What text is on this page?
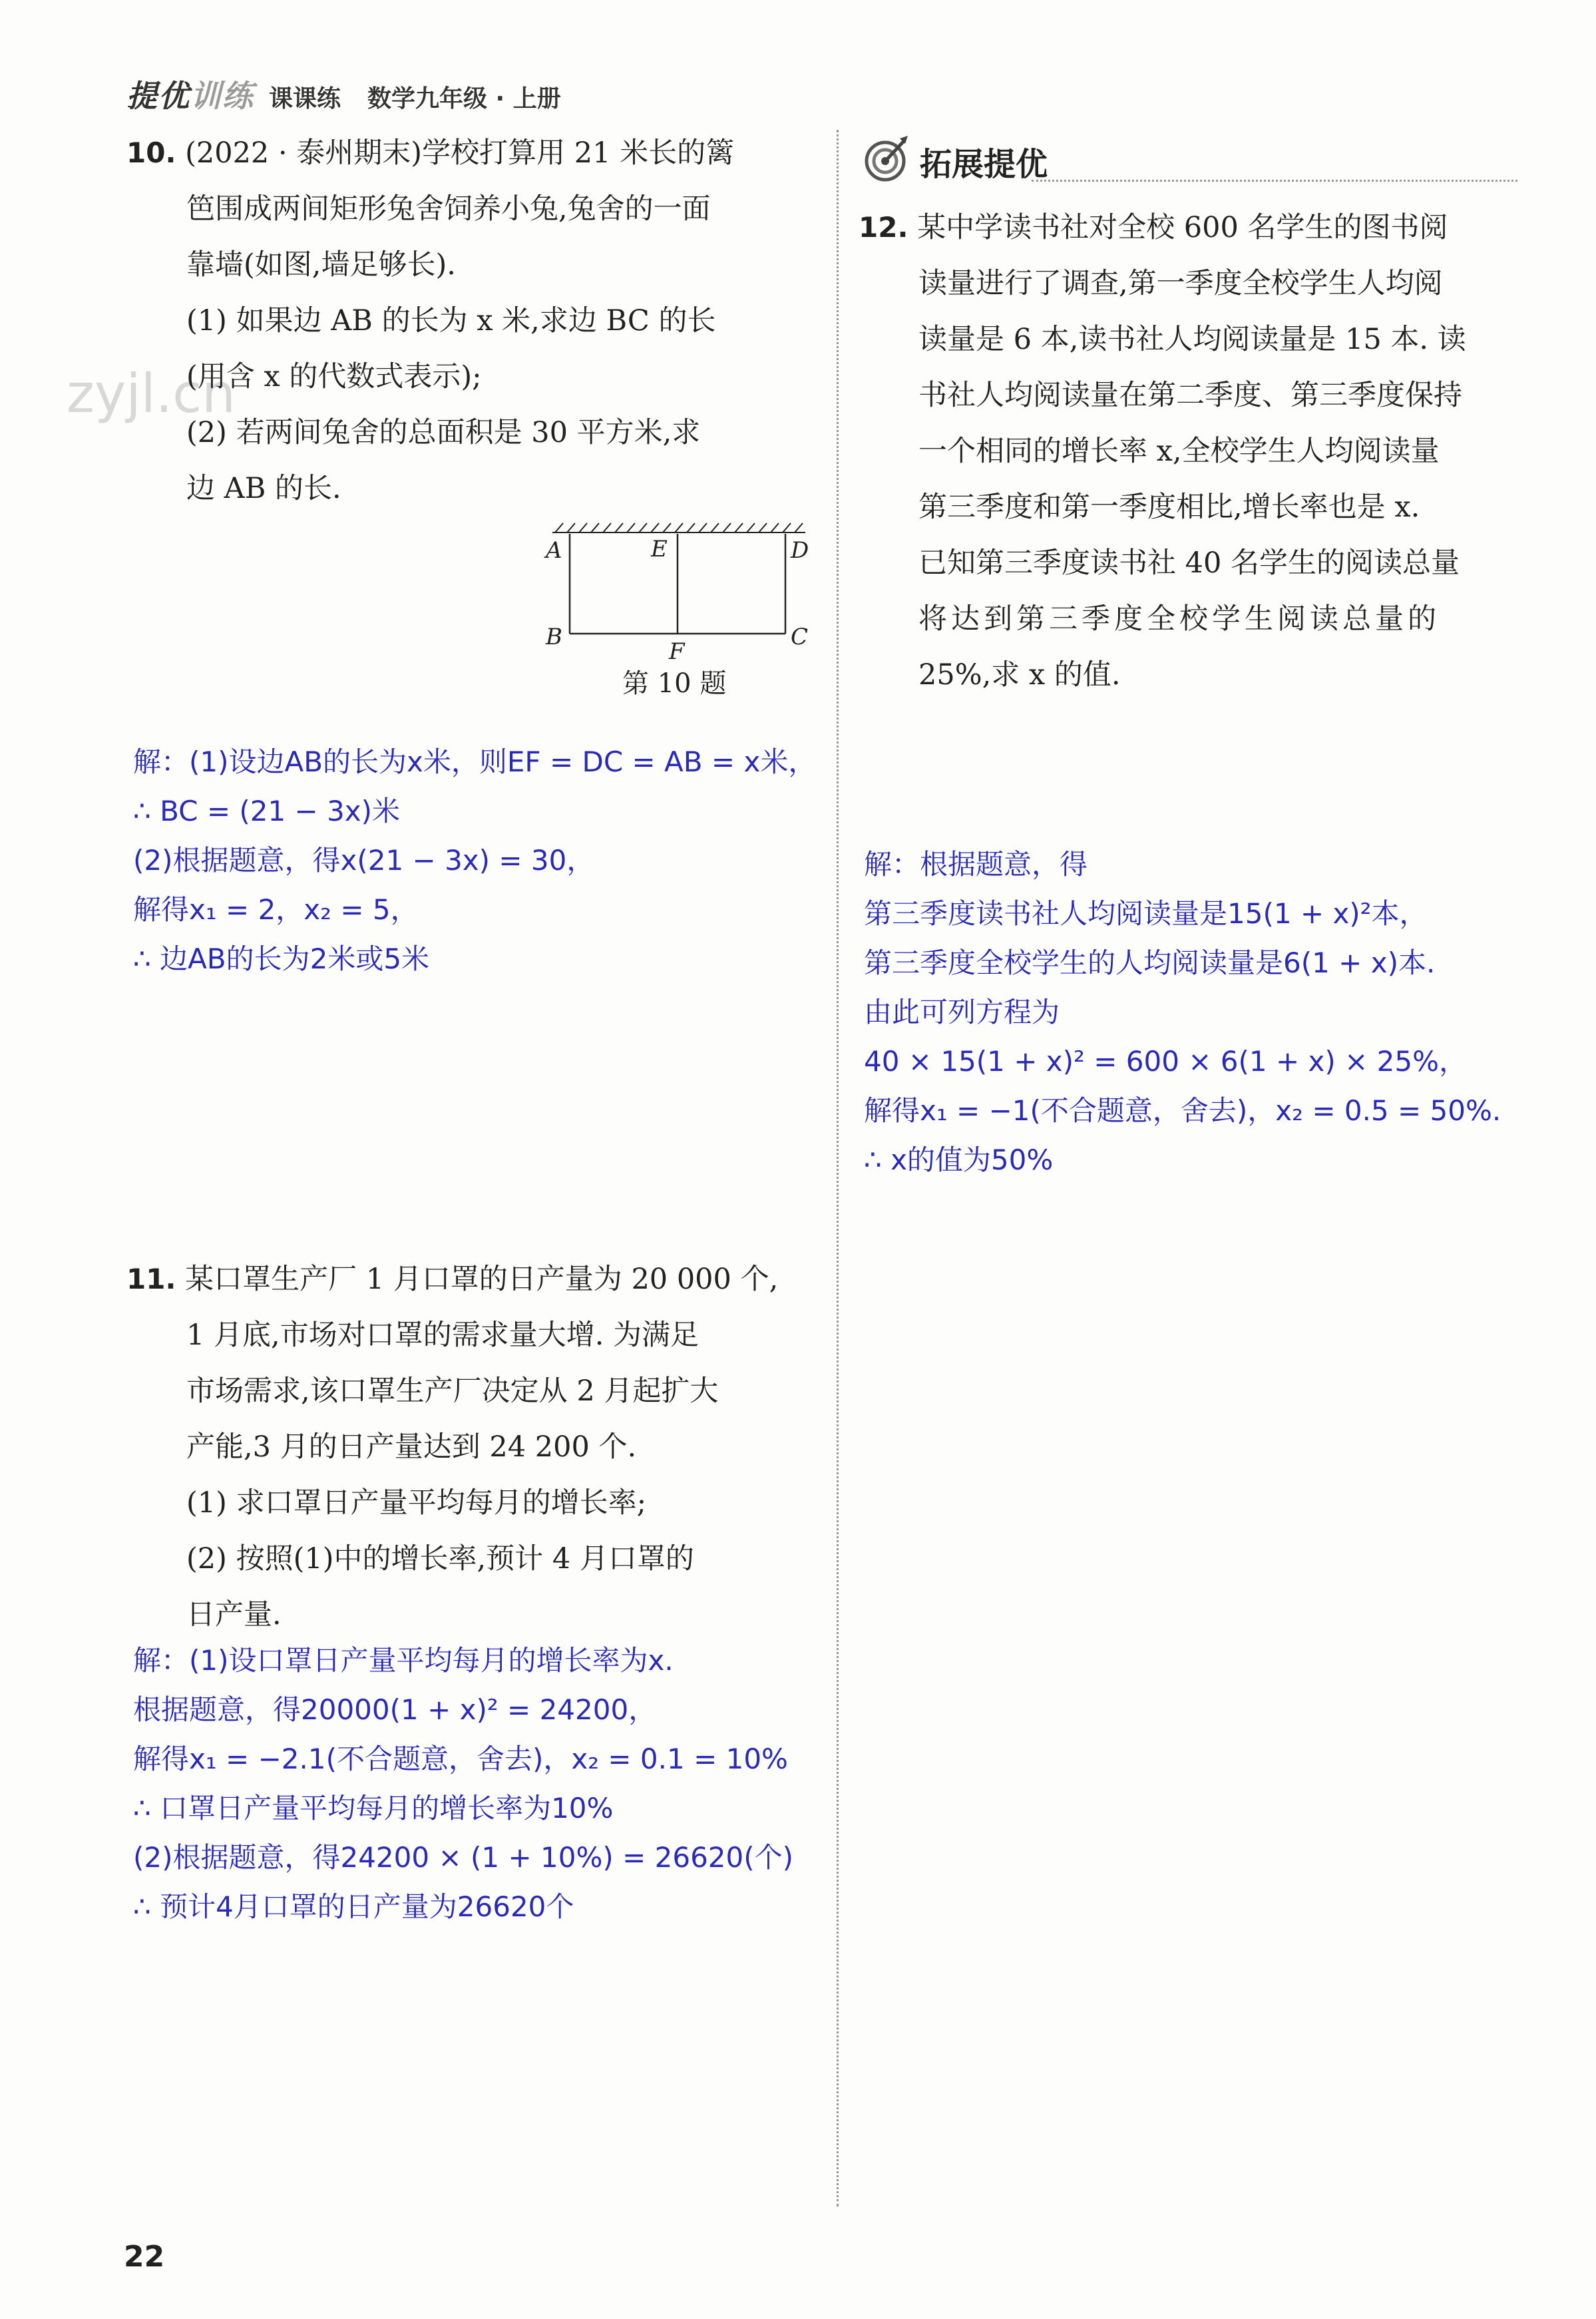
提优训练 课课练 数学九年级 · 上册
zyjl.cn
10. (2022 · 泰州期末)学校打算用 21 米长的篱
笆围成两间矩形兔舍饲养小兔,兔舍的一面
靠墙(如图,墙足够长).
(1) 如果边 AB 的长为 x 米,求边 BC 的长
(用含 x 的代数式表示);
(2) 若两间兔舍的总面积是 30 平方米,求
边 AB 的长.
A
B	C
D
E
F
第 10 题
解：(1)设边AB的长为x米，则EF = DC = AB = x米，
∴ BC = (21 − 3x)米
(2)根据题意，得x(21 − 3x) = 30，
解得x₁ = 2，x₂ = 5，
∴ 边AB的长为2米或5米
11. 某口罩生产厂 1 月口罩的日产量为 20 000 个,
1 月底,市场对口罩的需求量大增. 为满足
市场需求,该口罩生产厂决定从 2 月起扩大
产能,3 月的日产量达到 24 200 个.
(1) 求口罩日产量平均每月的增长率;
(2) 按照(1)中的增长率,预计 4 月口罩的
日产量.
解：(1)设口罩日产量平均每月的增长率为x.
根据题意，得20000(1 + x)² = 24200，
解得x₁ = −2.1(不合题意，舍去)，x₂ = 0.1 = 10%
∴ 口罩日产量平均每月的增长率为10%
(2)根据题意，得24200 × (1 + 10%) = 26620(个)
∴ 预计4月口罩的日产量为26620个
拓展提优
12. 某中学读书社对全校 600 名学生的图书阅
读量进行了调查,第一季度全校学生人均阅
读量是 6 本,读书社人均阅读量是 15 本. 读
书社人均阅读量在第二季度、第三季度保持
一个相同的增长率 x,全校学生人均阅读量
第三季度和第一季度相比,增长率也是 x.
已知第三季度读书社 40 名学生的阅读总量
将达到第三季度全校学生阅读总量的
25%,求 x 的值.
解：根据题意，得
第三季度读书社人均阅读量是15(1 + x)²本，
第三季度全校学生的人均阅读量是6(1 + x)本.
由此可列方程为
40 × 15(1 + x)² = 600 × 6(1 + x) × 25%，
解得x₁ = −1(不合题意，舍去)，x₂ = 0.5 = 50%.
∴ x的值为50%
22
